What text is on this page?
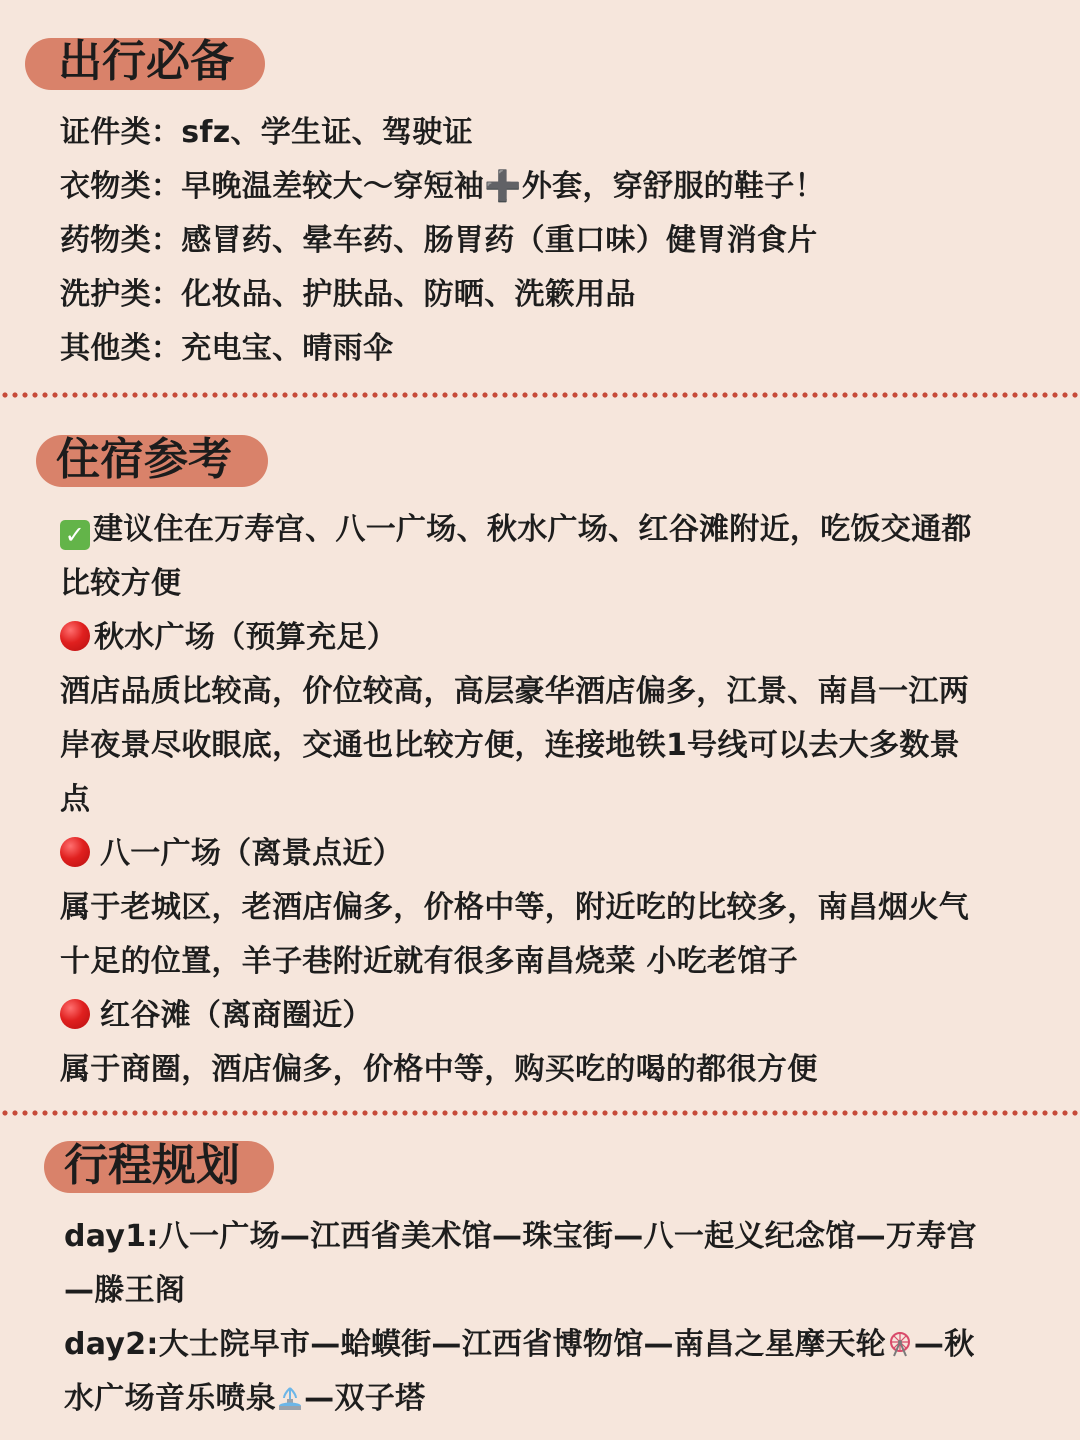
出行必备
证件类：sfz、学生证、驾驶证
衣物类：早晚温差较大～穿短袖➕外套，穿舒服的鞋子！
药物类：感冒药、晕车药、肠胃药（重口味）健胃消食片
洗护类：化妆品、护肤品、防晒、洗簌用品
其他类：充电宝、晴雨伞
住宿参考
✓ 建议住在万寿宫、八一广场、秋水广场、红谷滩附近，吃饭交通都
比较方便
秋水广场（预算充足）
酒店品质比较高，价位较高，高层豪华酒店偏多，江景、南昌一江两
岸夜景尽收眼底，交通也比较方便，连接地铁1号线可以去大多数景
点
八一广场（离景点近）
属于老城区，老酒店偏多，价格中等，附近吃的比较多，南昌烟火气
十足的位置，羊子巷附近就有很多南昌烧菜 小吃老馆子
红谷滩（离商圈近）
属于商圈，酒店偏多，价格中等，购买吃的喝的都很方便
行程规划
day1:八一广场—江西省美术馆—珠宝街—八一起义纪念馆—万寿宫
—滕王阁
day2:大士院早市—蛤蟆街—江西省博物馆—南昌之星摩天轮 —秋
水广场音乐喷泉 —双子塔
